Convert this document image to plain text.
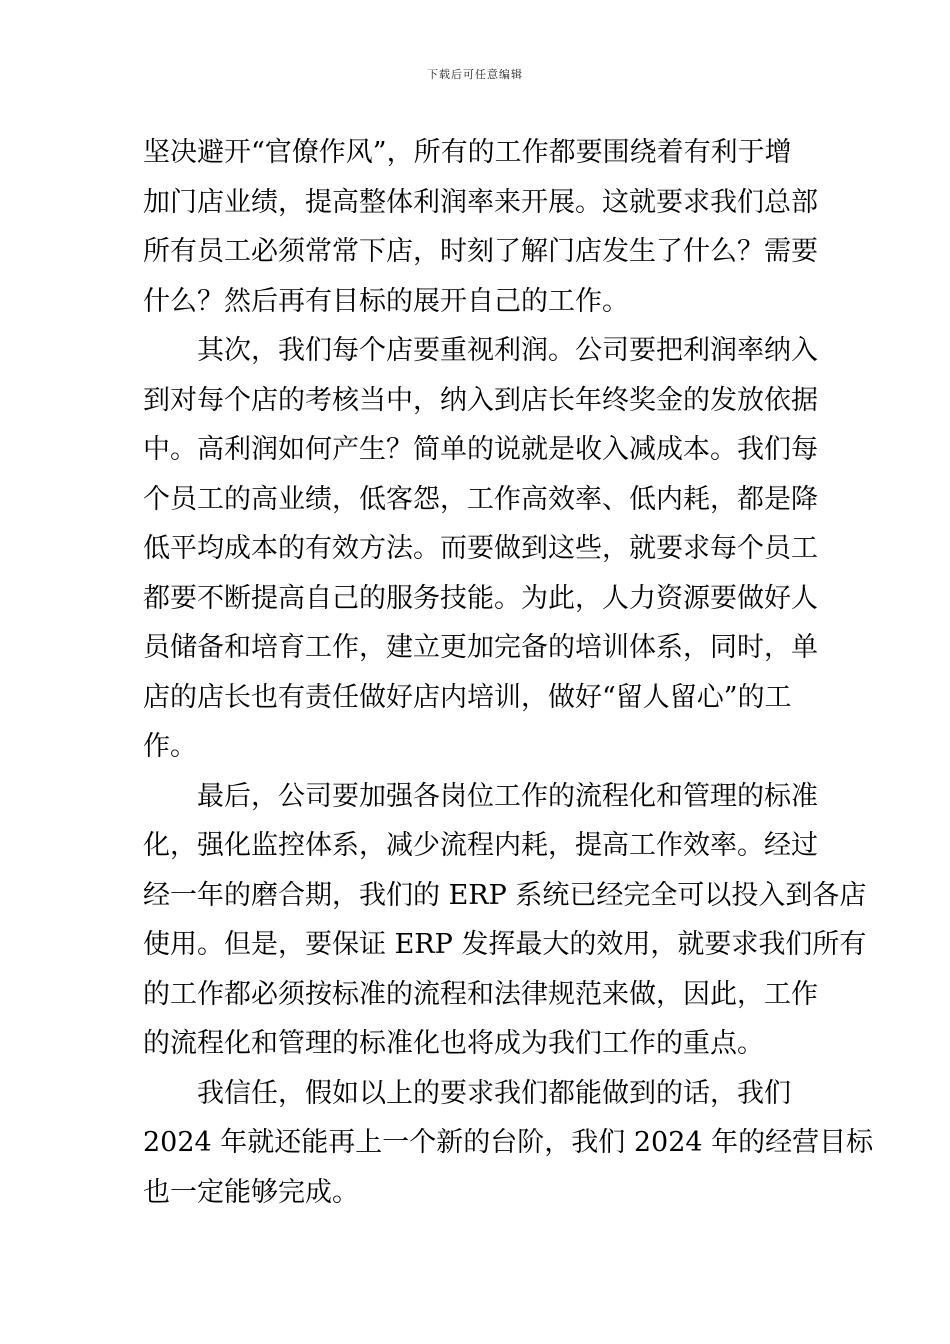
下载后可任意编辑
坚决避开“官僚作风”，所有的工作都要围绕着有利于增
加门店业绩，提高整体利润率来开展。这就要求我们总部
所有员工必须常常下店，时刻了解门店发生了什么？需要
什么？然后再有目标的展开自己的工作。
　　其次，我们每个店要重视利润。公司要把利润率纳入
到对每个店的考核当中，纳入到店长年终奖金的发放依据
中。高利润如何产生？简单的说就是收入减成本。我们每
个员工的高业绩，低客怨，工作高效率、低内耗，都是降
低平均成本的有效方法。而要做到这些，就要求每个员工
都要不断提高自己的服务技能。为此，人力资源要做好人
员储备和培育工作，建立更加完备的培训体系，同时，单
店的店长也有责任做好店内培训，做好“留人留心”的工
作。
　　最后，公司要加强各岗位工作的流程化和管理的标准
化，强化监控体系，减少流程内耗，提高工作效率。经过
经一年的磨合期，我们的 ERP 系统已经完全可以投入到各店
使用。但是，要保证 ERP 发挥最大的效用，就要求我们所有
的工作都必须按标准的流程和法律规范来做，因此，工作
的流程化和管理的标准化也将成为我们工作的重点。
　　我信任，假如以上的要求我们都能做到的话，我们
2024 年就还能再上一个新的台阶，我们 2024 年的经营目标
也一定能够完成。
